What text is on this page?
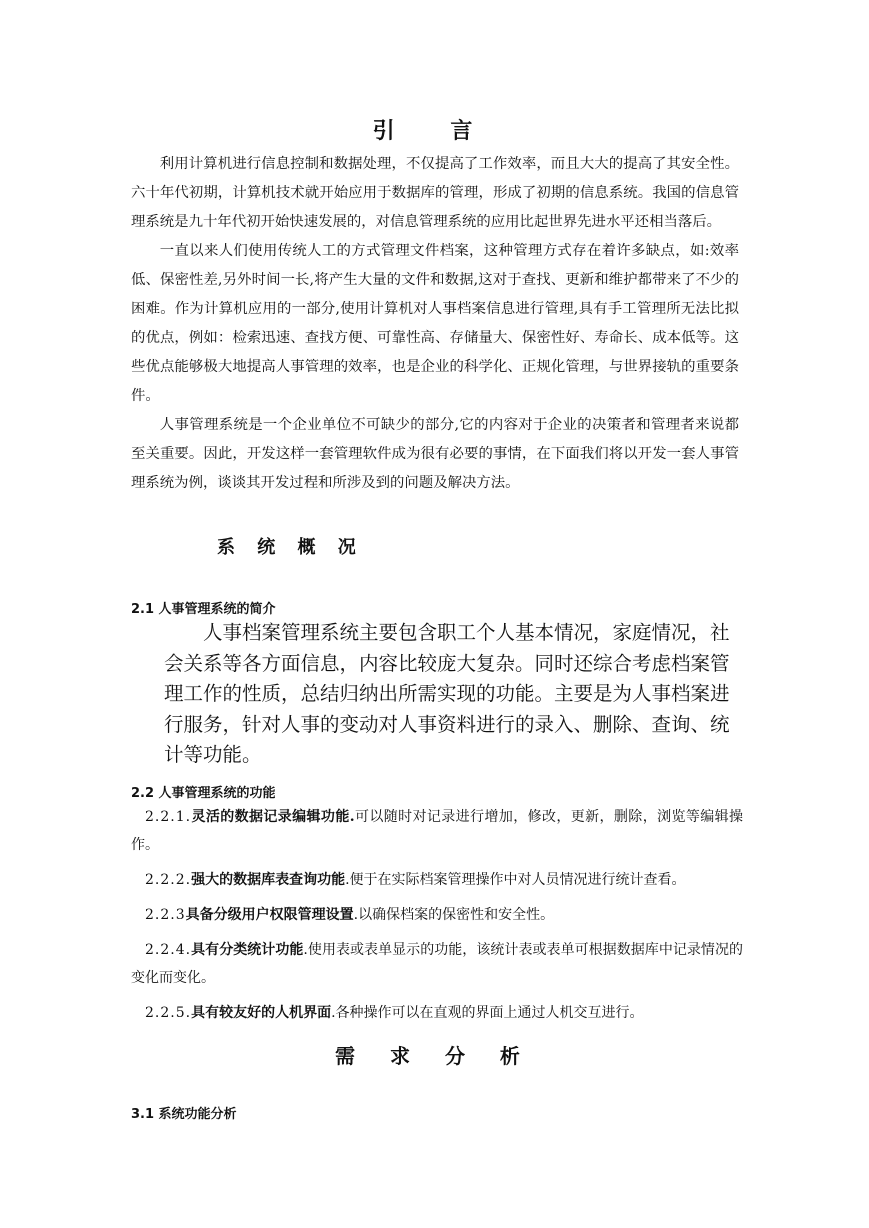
引 言

利用计算机进行信息控制和数据处理，不仅提高了工作效率，而且大大的提高了其安全性。六十年代初期，计算机技术就开始应用于数据库的管理，形成了初期的信息系统。我国的信息管理系统是九十年代初开始快速发展的，对信息管理系统的应用比起世界先进水平还相当落后。

一直以来人们使用传统人工的方式管理文件档案，这种管理方式存在着许多缺点，如:效率低、保密性差,另外时间一长,将产生大量的文件和数据,这对于查找、更新和维护都带来了不少的困难。作为计算机应用的一部分,使用计算机对人事档案信息进行管理,具有手工管理所无法比拟的优点，例如：检索迅速、查找方便、可靠性高、存储量大、保密性好、寿命长、成本低等。这些优点能够极大地提高人事管理的效率，也是企业的科学化、正规化管理，与世界接轨的重要条件。

人事管理系统是一个企业单位不可缺少的部分,它的内容对于企业的决策者和管理者来说都至关重要。因此，开发这样一套管理软件成为很有必要的事情，在下面我们将以开发一套人事管理系统为例，谈谈其开发过程和所涉及到的问题及解决方法。

系 统 概 况
2.1 人事管理系统的简介

人事档案管理系统主要包含职工个人基本情况，家庭情况，社会关系等各方面信息，内容比较庞大复杂。同时还综合考虑档案管理工作的性质，总结归纳出所需实现的功能。主要是为人事档案进行服务，针对人事的变动对人事资料进行的录入、删除、查询、统计等功能。

2.2 人事管理系统的功能

2.2.1.灵活的数据记录编辑功能.可以随时对记录进行增加，修改，更新，删除，浏览等编辑操作。

2.2.2.强大的数据库表查询功能.便于在实际档案管理操作中对人员情况进行统计查看。

2.2.3具备分级用户权限管理设置.以确保档案的保密性和安全性。

2.2.4.具有分类统计功能.使用表或表单显示的功能，该统计表或表单可根据数据库中记录情况的变化而变化。

2.2.5.具有较友好的人机界面.各种操作可以在直观的界面上通过人机交互进行。

需 求 分 析
3.1 系统功能分析
